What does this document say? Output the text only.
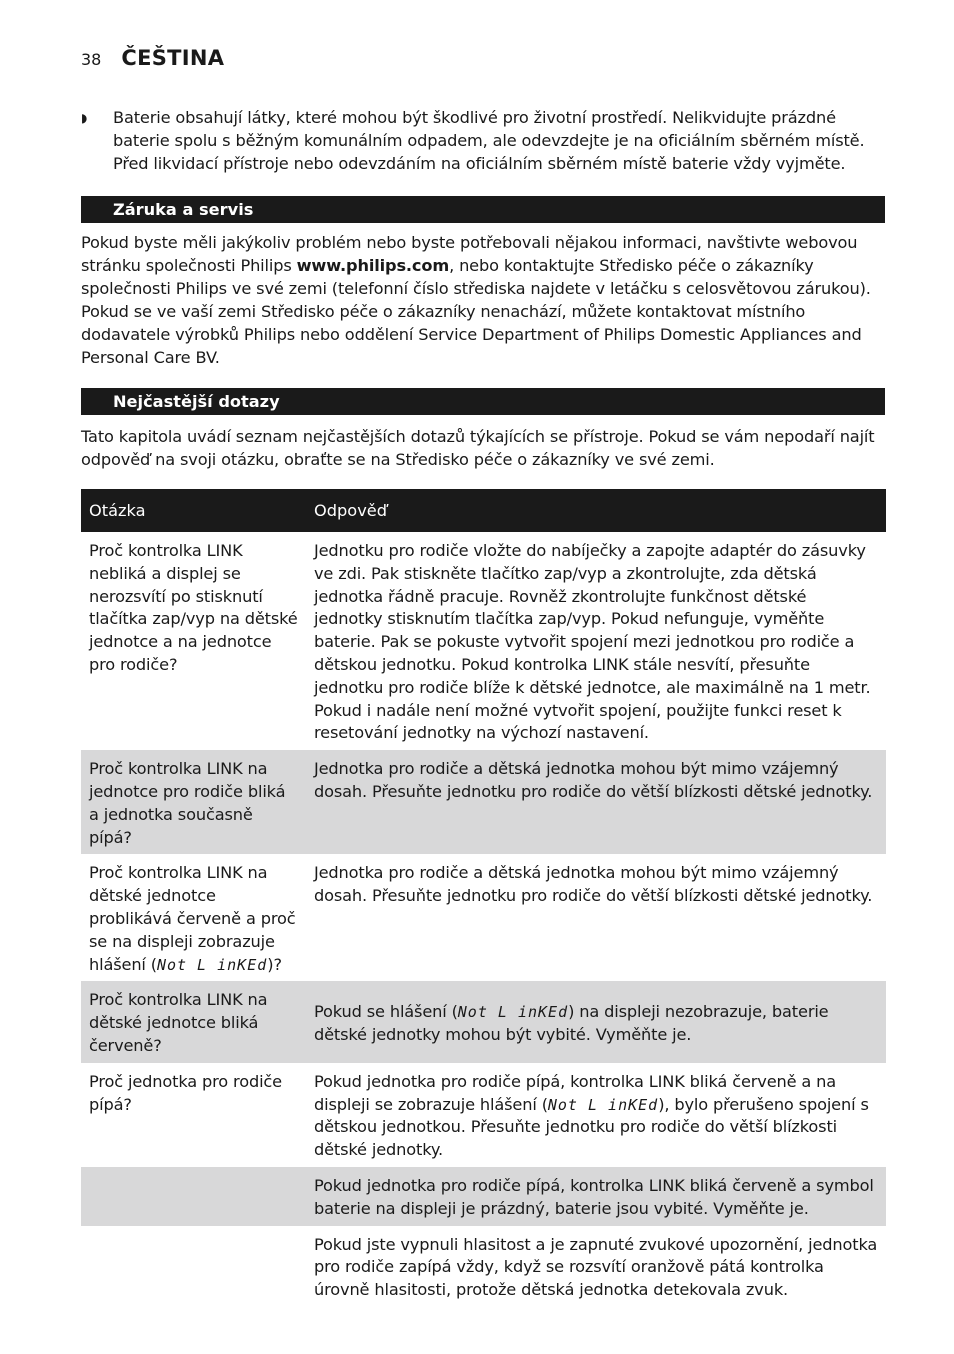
38 ČEŠTINA
◗	Baterie obsahují látky, které mohou být škodlivé pro životní prostředí. Nelikvidujte prázdné baterie spolu s běžným komunálním odpadem, ale odevzdejte je na oficiálním sběrném místě. Před likvidací přístroje nebo odevzdáním na oficiálním sběrném místě baterie vždy vyjměte.
Záruka a servis
Pokud byste měli jakýkoliv problém nebo byste potřebovali nějakou informaci, navštivte webovou stránku společnosti Philips www.philips.com, nebo kontaktujte Středisko péče o zákazníky společnosti Philips ve své zemi (telefonní číslo střediska najdete v letáčku s celosvětovou zárukou). Pokud se ve vaší zemi Středisko péče o zákazníky nenachází, můžete kontaktovat místního dodavatele výrobků Philips nebo oddělení Service Department of Philips Domestic Appliances and Personal Care BV.
Nejčastější dotazy
Tato kapitola uvádí seznam nejčastějších dotazů týkajících se přístroje. Pokud se vám nepodaří najít odpověď na svoji otázku, obraťte se na Středisko péče o zákazníky ve své zemi.
Otázka	Odpověď
Proč kontrolka LINK nebliká a displej se nerozsvítí po stisknutí tlačítka zap/vyp na dětské jednotce a na jednotce pro rodiče?	Jednotku pro rodiče vložte do nabíječky a zapojte adaptér do zásuvky ve zdi. Pak stiskněte tlačítko zap/vyp a zkontrolujte, zda dětská jednotka řádně pracuje. Rovněž zkontrolujte funkčnost dětské jednotky stisknutím tlačítka zap/vyp. Pokud nefunguje, vyměňte baterie. Pak se pokuste vytvořit spojení mezi jednotkou pro rodiče a dětskou jednotku. Pokud kontrolka LINK stále nesvítí, přesuňte jednotku pro rodiče blíže k dětské jednotce, ale maximálně na 1 metr. Pokud i nadále není možné vytvořit spojení, použijte funkci reset k resetování jednotky na výchozí nastavení.
Proč kontrolka LINK na jednotce pro rodiče bliká a jednotka současně pípá?	Jednotka pro rodiče a dětská jednotka mohou být mimo vzájemný dosah. Přesuňte jednotku pro rodiče do větší blízkosti dětské jednotky.
Proč kontrolka LINK na dětské jednotce problikává červeně a proč se na displeji zobrazuje hlášení (Not L inKEd)?	Jednotka pro rodiče a dětská jednotka mohou být mimo vzájemný dosah. Přesuňte jednotku pro rodiče do větší blízkosti dětské jednotky.
Proč kontrolka LINK na dětské jednotce bliká červeně?	Pokud se hlášení (Not L inKEd) na displeji nezobrazuje, baterie dětské jednotky mohou být vybité. Vyměňte je.
Proč jednotka pro rodiče pípá?	Pokud jednotka pro rodiče pípá, kontrolka LINK bliká červeně a na displeji se zobrazuje hlášení (Not L inKEd), bylo přerušeno spojení s dětskou jednotkou. Přesuňte jednotku pro rodiče do větší blízkosti dětské jednotky.
	Pokud jednotka pro rodiče pípá, kontrolka LINK bliká červeně a symbol baterie na displeji je prázdný, baterie jsou vybité. Vyměňte je.
	Pokud jste vypnuli hlasitost a je zapnuté zvukové upozornění, jednotka pro rodiče zapípá vždy, když se rozsvítí oranžově pátá kontrolka úrovně hlasitosti, protože dětská jednotka detekovala zvuk.
